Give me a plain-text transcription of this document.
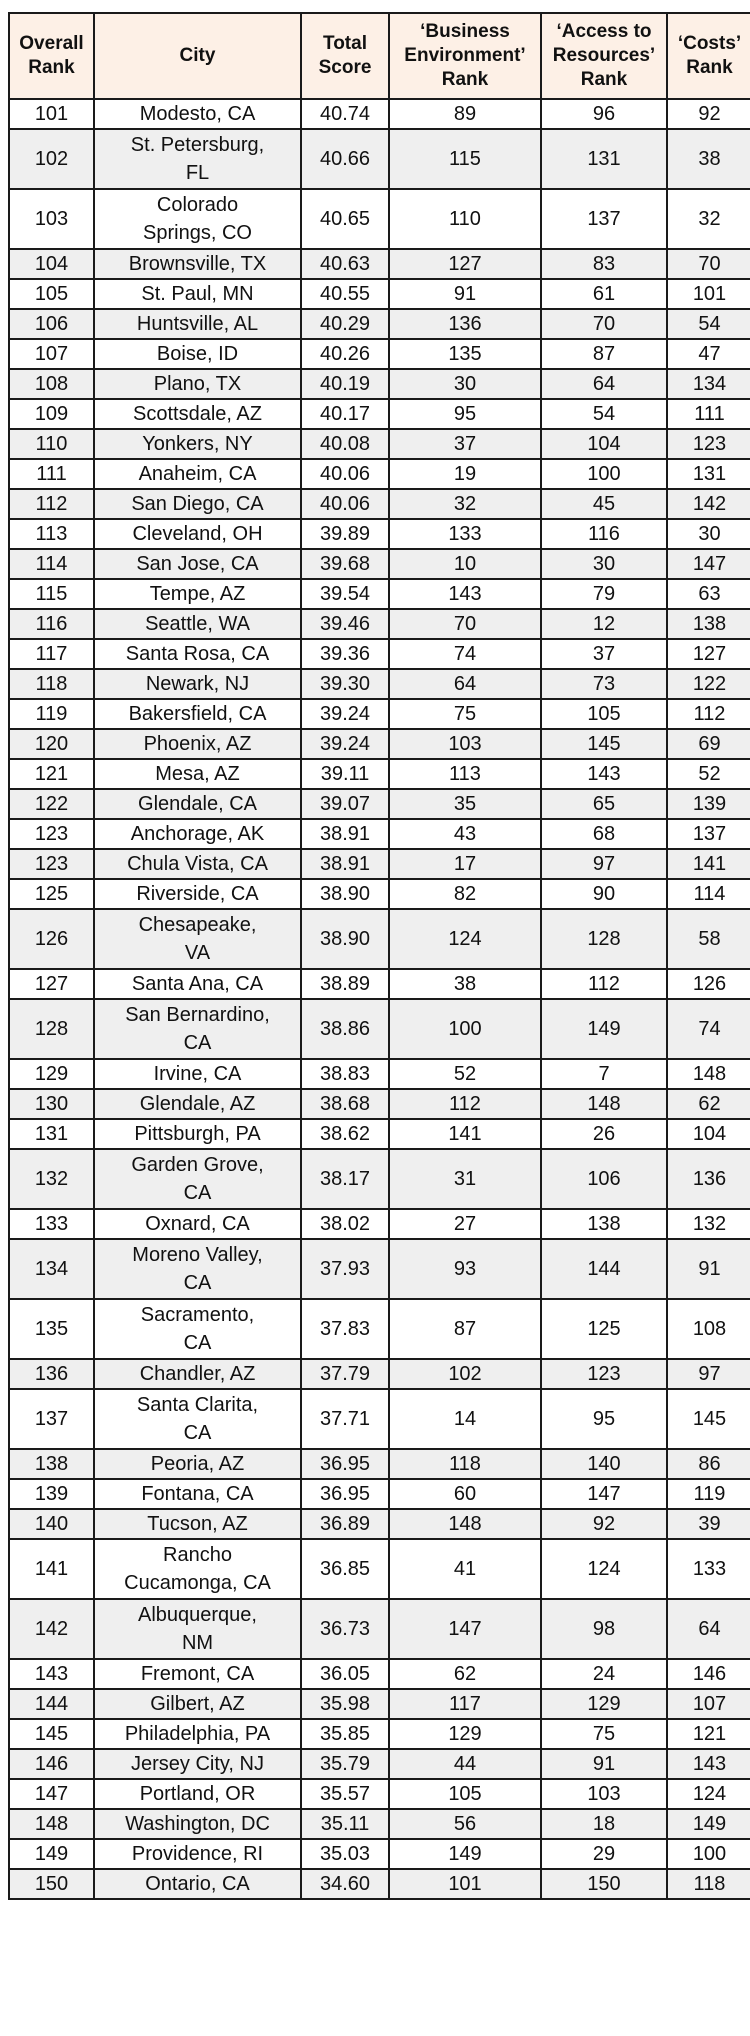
Overall
Rank	City	Total
Score	‘Business
Environment’
Rank	‘Access to
Resources’
Rank	‘Costs’
Rank
101	Modesto, CA	40.74	89	96	92
102	St. Petersburg,
FL	40.66	115	131	38
103	Colorado
Springs, CO	40.65	110	137	32
104	Brownsville, TX	40.63	127	83	70
105	St. Paul, MN	40.55	91	61	101
106	Huntsville, AL	40.29	136	70	54
107	Boise, ID	40.26	135	87	47
108	Plano, TX	40.19	30	64	134
109	Scottsdale, AZ	40.17	95	54	111
110	Yonkers, NY	40.08	37	104	123
111	Anaheim, CA	40.06	19	100	131
112	San Diego, CA	40.06	32	45	142
113	Cleveland, OH	39.89	133	116	30
114	San Jose, CA	39.68	10	30	147
115	Tempe, AZ	39.54	143	79	63
116	Seattle, WA	39.46	70	12	138
117	Santa Rosa, CA	39.36	74	37	127
118	Newark, NJ	39.30	64	73	122
119	Bakersfield, CA	39.24	75	105	112
120	Phoenix, AZ	39.24	103	145	69
121	Mesa, AZ	39.11	113	143	52
122	Glendale, CA	39.07	35	65	139
123	Anchorage, AK	38.91	43	68	137
123	Chula Vista, CA	38.91	17	97	141
125	Riverside, CA	38.90	82	90	114
126	Chesapeake,
VA	38.90	124	128	58
127	Santa Ana, CA	38.89	38	112	126
128	San Bernardino,
CA	38.86	100	149	74
129	Irvine, CA	38.83	52	7	148
130	Glendale, AZ	38.68	112	148	62
131	Pittsburgh, PA	38.62	141	26	104
132	Garden Grove,
CA	38.17	31	106	136
133	Oxnard, CA	38.02	27	138	132
134	Moreno Valley,
CA	37.93	93	144	91
135	Sacramento,
CA	37.83	87	125	108
136	Chandler, AZ	37.79	102	123	97
137	Santa Clarita,
CA	37.71	14	95	145
138	Peoria, AZ	36.95	118	140	86
139	Fontana, CA	36.95	60	147	119
140	Tucson, AZ	36.89	148	92	39
141	Rancho
Cucamonga, CA	36.85	41	124	133
142	Albuquerque,
NM	36.73	147	98	64
143	Fremont, CA	36.05	62	24	146
144	Gilbert, AZ	35.98	117	129	107
145	Philadelphia, PA	35.85	129	75	121
146	Jersey City, NJ	35.79	44	91	143
147	Portland, OR	35.57	105	103	124
148	Washington, DC	35.11	56	18	149
149	Providence, RI	35.03	149	29	100
150	Ontario, CA	34.60	101	150	118
